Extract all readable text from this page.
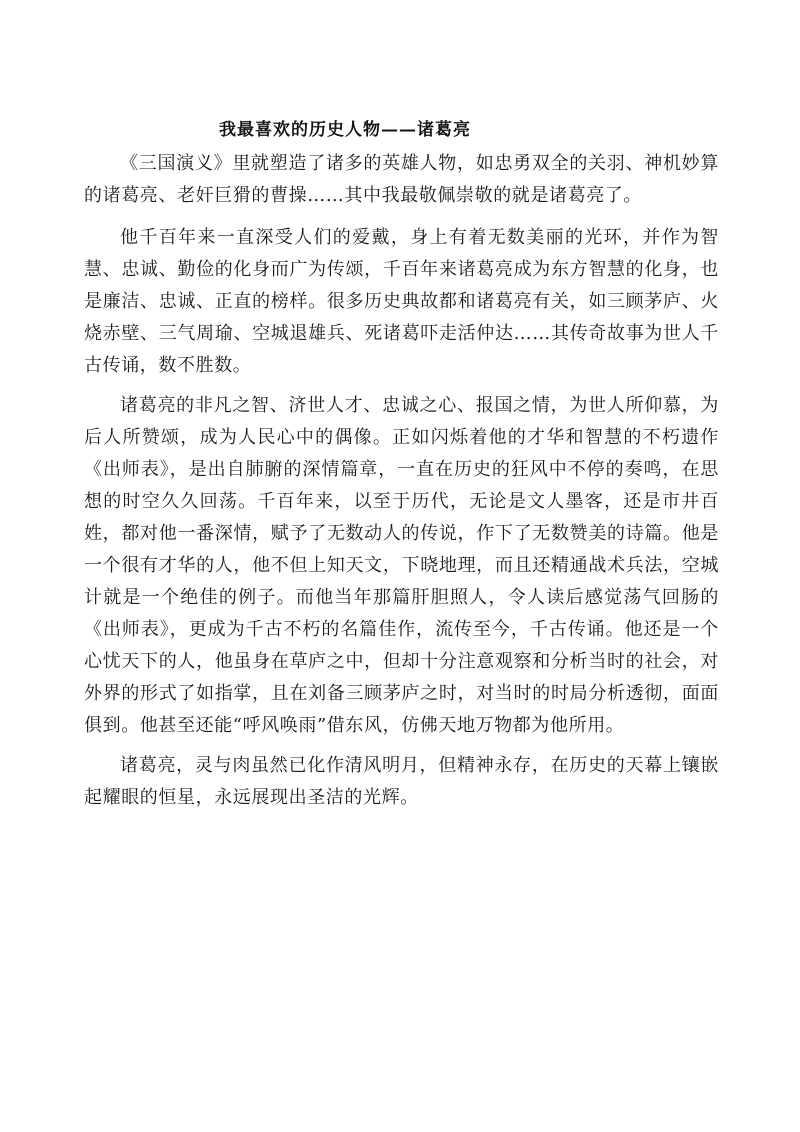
我最喜欢的历史人物——诸葛亮

《三国演义》里就塑造了诸多的英雄人物，如忠勇双全的关羽、神机妙算的诸葛亮、老奸巨猾的曹操……其中我最敬佩崇敬的就是诸葛亮了。

他千百年来一直深受人们的爱戴，身上有着无数美丽的光环，并作为智慧、忠诚、勤俭的化身而广为传颂，千百年来诸葛亮成为东方智慧的化身，也是廉洁、忠诚、正直的榜样。很多历史典故都和诸葛亮有关，如三顾茅庐、火烧赤壁、三气周瑜、空城退雄兵、死诸葛吓走活仲达……其传奇故事为世人千古传诵，数不胜数。

诸葛亮的非凡之智、济世人才、忠诚之心、报国之情，为世人所仰慕，为后人所赞颂，成为人民心中的偶像。正如闪烁着他的才华和智慧的不朽遗作《出师表》，是出自肺腑的深情篇章，一直在历史的狂风中不停的奏鸣，在思想的时空久久回荡。千百年来，以至于历代，无论是文人墨客，还是市井百姓，都对他一番深情，赋予了无数动人的传说，作下了无数赞美的诗篇。他是一个很有才华的人，他不但上知天文，下晓地理，而且还精通战术兵法，空城计就是一个绝佳的例子。而他当年那篇肝胆照人，令人读后感觉荡气回肠的《出师表》，更成为千古不朽的名篇佳作，流传至今，千古传诵。他还是一个心忧天下的人，他虽身在草庐之中，但却十分注意观察和分析当时的社会，对外界的形式了如指掌，且在刘备三顾茅庐之时，对当时的时局分析透彻，面面俱到。他甚至还能“呼风唤雨”借东风，仿佛天地万物都为他所用。

诸葛亮，灵与肉虽然已化作清风明月，但精神永存，在历史的天幕上镶嵌起耀眼的恒星，永远展现出圣洁的光辉。
